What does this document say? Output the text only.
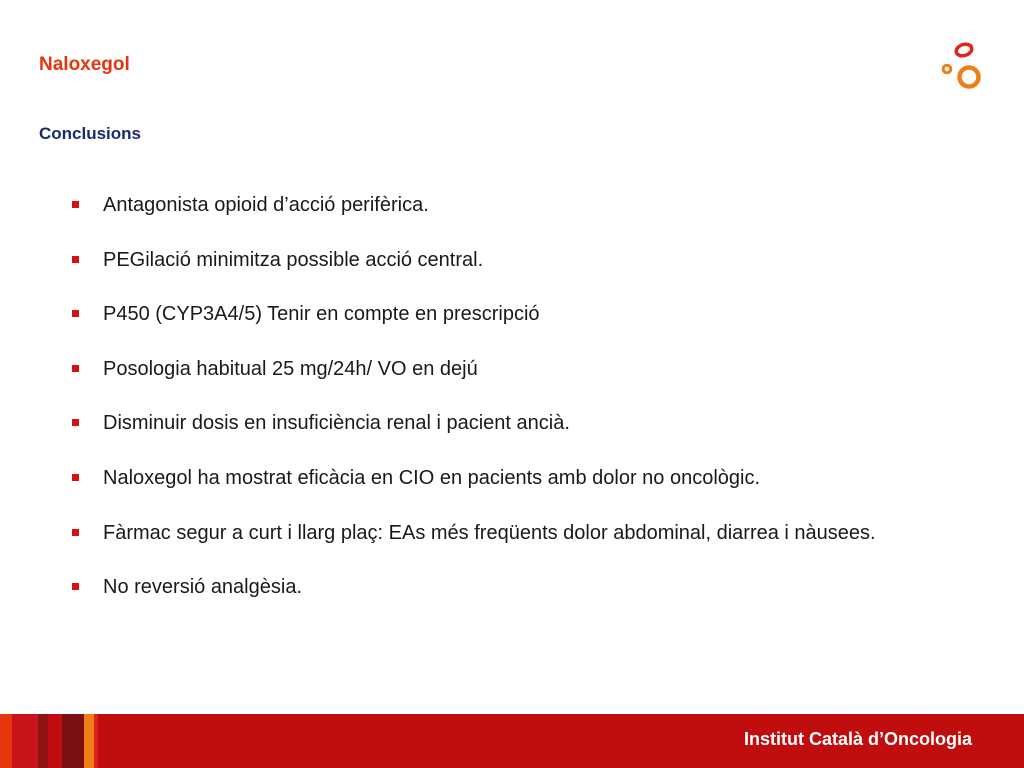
Naloxegol
Conclusions
Antagonista opioid d’acció perifèrica.
PEGilació minimitza possible acció central.
P450 (CYP3A4/5) Tenir en compte en prescripció
Posologia habitual 25 mg/24h/ VO en dejú
Disminuir dosis en insuficiència renal i pacient ancià.
Naloxegol ha mostrat eficàcia en CIO en pacients amb dolor no oncològic.
Fàrmac segur a curt i llarg plaç: EAs més freqüents dolor abdominal, diarrea i nàusees.
No reversió analgèsia.
Institut Català d’Oncologia
